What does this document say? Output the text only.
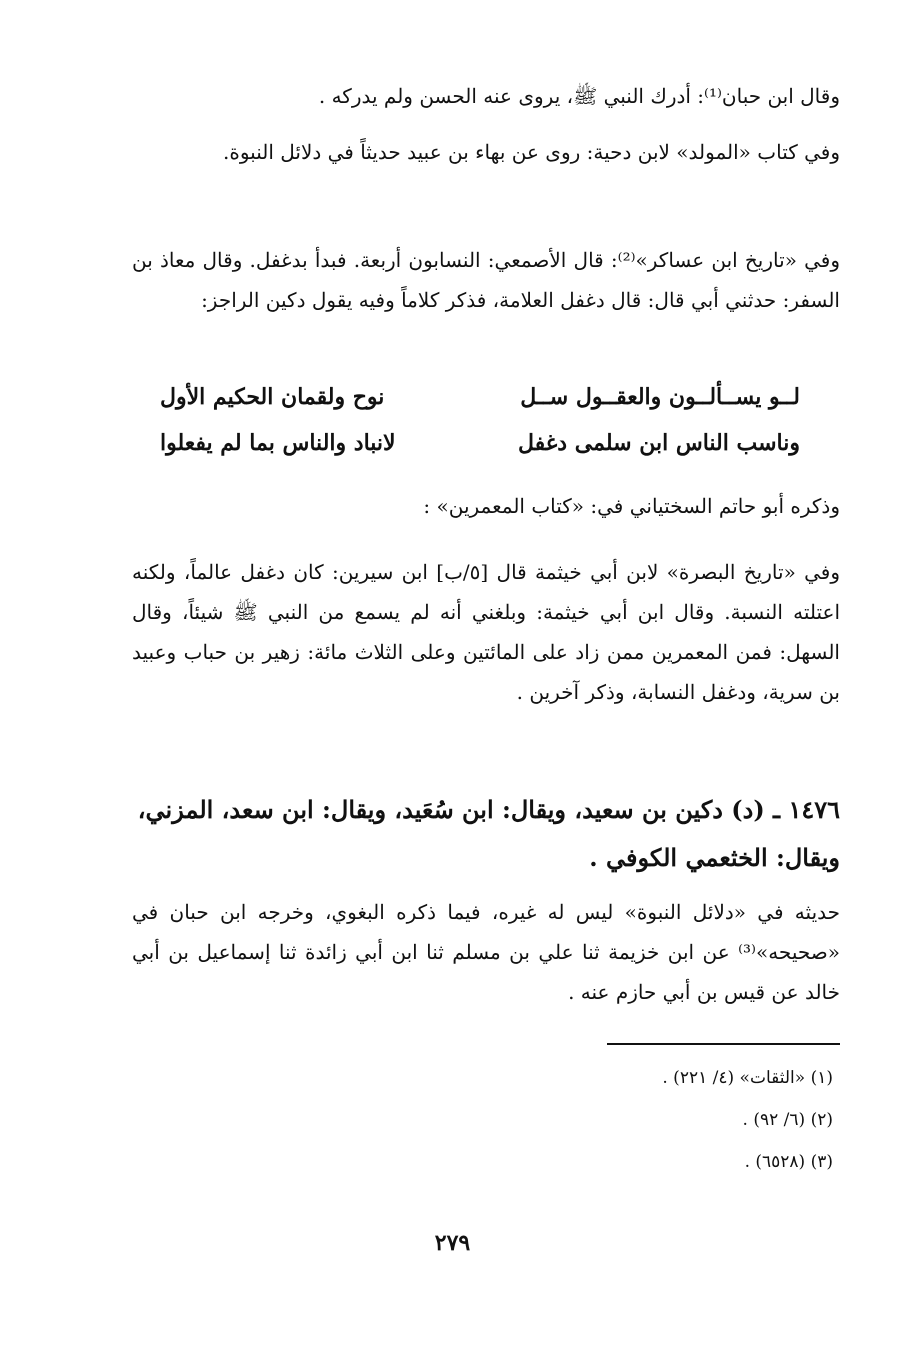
وقال ابن حبان⁽¹⁾: أدرك النبي ﷺ، يروى عنه الحسن ولم يدركه .

وفي كتاب «المولد» لابن دحية: روى عن بهاء بن عبيد حديثاً في دلائل النبوة.

وفي «تاريخ ابن عساكر»⁽²⁾: قال الأصمعي: النسابون أربعة. فبدأ بدغفل. وقال معاذ بن السفر: حدثني أبي قال: قال دغفل العلامة، فذكر كلاماً وفيه يقول دكين الراجز:

لــو يســألــون والعقــول ســل
نوح ولقمان الحكيم الأول
وناسب الناس ابن سلمى دغفل
لانباد والناس بما لم يفعلوا

وذكره أبو حاتم السختياني في: «كتاب المعمرين» :

وفي «تاريخ البصرة» لابن أبي خيثمة قال [٥/ب] ابن سيرين: كان دغفل عالماً، ولكنه اعتلته النسبة. وقال ابن أبي خيثمة: وبلغني أنه لم يسمع من النبي ﷺ شيئاً، وقال السهل: فمن المعمرين ممن زاد على المائتين وعلى الثلاث مائة: زهير بن حباب وعبيد بن سرية، ودغفل النسابة، وذكر آخرين .

١٤٧٦ ـ (د) دكين بن سعيد، ويقال: ابن سُعَيد، ويقال: ابن سعد، المزني، ويقال: الخثعمي الكوفي .

حديثه في «دلائل النبوة» ليس له غيره، فيما ذكره البغوي، وخرجه ابن حبان في «صحيحه»⁽³⁾ عن ابن خزيمة ثنا علي بن مسلم ثنا ابن أبي زائدة ثنا إسماعيل بن أبي خالد عن قيس بن أبي حازم عنه .

(١) «الثقات» (٤/ ٢٢١) .
(٢) (٦/ ٩٢) .
(٣) (٦٥٢٨) .
٢٧٩
